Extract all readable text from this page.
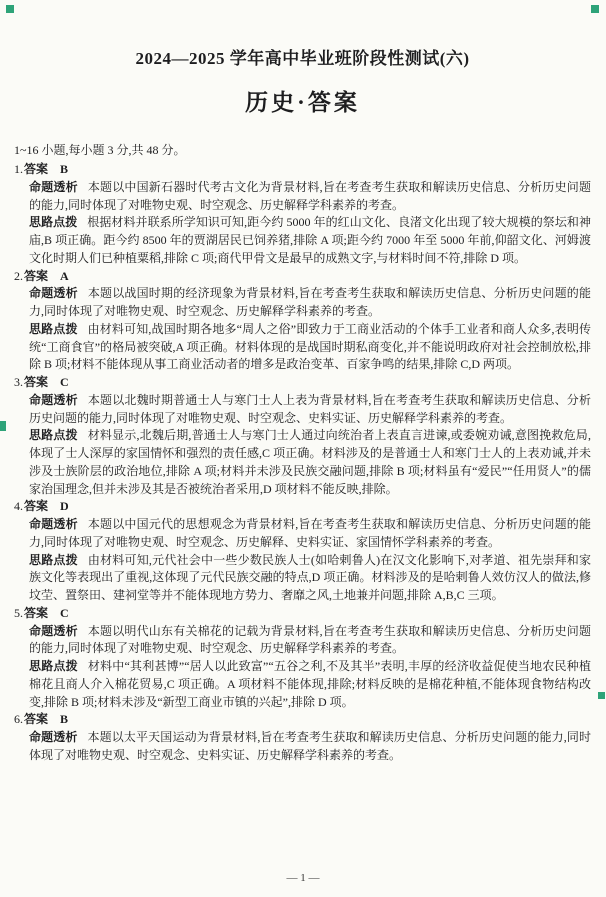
2024—2025 学年高中毕业班阶段性测试(六)
历史·答案
1~16 小题,每小题 3 分,共 48 分。
1.答案 B

命题透析 本题以中国新石器时代考古文化为背景材料,旨在考查考生获取和解读历史信息、分析历史问题的能力,同时体现了对唯物史观、时空观念、历史解释学科素养的考查。

思路点拨 根据材料并联系所学知识可知,距今约 5000 年的红山文化、良渚文化出现了较大规模的祭坛和神庙,B 项正确。距今约 8500 年的贾湖居民已饲养猪,排除 A 项;距今约 7000 年至 5000 年前,仰韶文化、河姆渡文化时期人们已种植粟稻,排除 C 项;商代甲骨文是最早的成熟文字,与材料时间不符,排除 D 项。

2.答案 A

命题透析 本题以战国时期的经济现象为背景材料,旨在考查考生获取和解读历史信息、分析历史问题的能力,同时体现了对唯物史观、时空观念、历史解释学科素养的考查。

思路点拨 由材料可知,战国时期各地多“周人之俗”即致力于工商业活动的个体手工业者和商人众多,表明传统“工商食官”的格局被突破,A 项正确。材料体现的是战国时期私商变化,并不能说明政府对社会控制放松,排除 B 项;材料不能体现从事工商业活动者的增多是政治变革、百家争鸣的结果,排除 C,D 两项。

3.答案 C

命题透析 本题以北魏时期普通士人与寒门士人上表为背景材料,旨在考查考生获取和解读历史信息、分析历史问题的能力,同时体现了对唯物史观、时空观念、史料实证、历史解释学科素养的考查。

思路点拨 材料显示,北魏后期,普通士人与寒门士人通过向统治者上表直言进谏,或委婉劝诫,意图挽救危局,体现了士人深厚的家国情怀和强烈的责任感,C 项正确。材料涉及的是普通士人和寒门士人的上表劝诫,并未涉及士族阶层的政治地位,排除 A 项;材料并未涉及民族交融问题,排除 B 项;材料虽有“爱民”“任用贤人”的儒家治国理念,但并未涉及其是否被统治者采用,D 项材料不能反映,排除。

4.答案 D

命题透析 本题以中国元代的思想观念为背景材料,旨在考查考生获取和解读历史信息、分析历史问题的能力,同时体现了对唯物史观、时空观念、历史解释、史料实证、家国情怀学科素养的考查。

思路点拨 由材料可知,元代社会中一些少数民族人士(如哈剌鲁人)在汉文化影响下,对孝道、祖先崇拜和家族文化等表现出了重视,这体现了元代民族交融的特点,D 项正确。材料涉及的是哈剌鲁人效仿汉人的做法,修坟茔、置祭田、建祠堂等并不能体现地方势力、奢靡之风,土地兼并问题,排除 A,B,C 三项。

5.答案 C

命题透析 本题以明代山东有关棉花的记载为背景材料,旨在考查考生获取和解读历史信息、分析历史问题的能力,同时体现了对唯物史观、时空观念、历史解释学科素养的考查。

思路点拨 材料中“其利甚博”“居人以此致富”“五谷之利,不及其半”表明,丰厚的经济收益促使当地农民种植棉花且商人介入棉花贸易,C 项正确。A 项材料不能体现,排除;材料反映的是棉花种植,不能体现食物结构改变,排除 B 项;材料未涉及“新型工商业市镇的兴起”,排除 D 项。

6.答案 B

命题透析 本题以太平天国运动为背景材料,旨在考查考生获取和解读历史信息、分析历史问题的能力,同时体现了对唯物史观、时空观念、史料实证、历史解释学科素养的考查。

— 1 —
